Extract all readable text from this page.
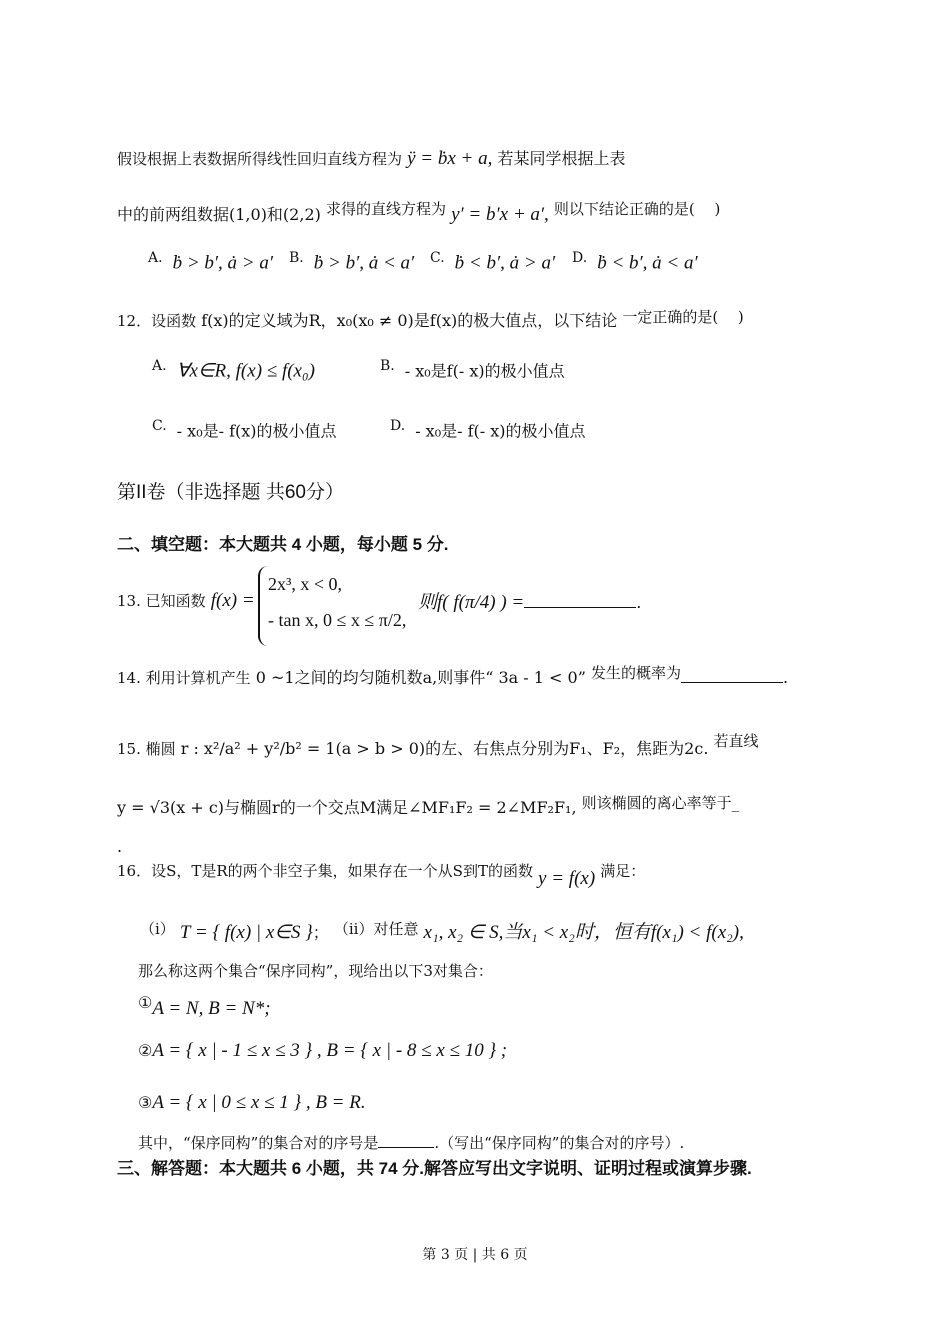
假设根据上表数据所得线性回归直线方程为 ÿ = ḃx + a, 若某同学根据上表
中的前两组数据(1,0)和(2,2) 求得的直线方程为 y′ = b′x + a′, 则以下结论正确的是(　 )
A. ḃ > b′, ȧ > a′ B. ḃ > b′, ȧ < a′ C. ḃ < b′, ȧ > a′ D. ḃ < b′, ȧ < a′
12．设函数 f(x)的定义域为R，x₀(x₀ ≠ 0)是f(x)的极大值点，以下结论 一定正确的是(　 )
A. ∀x∈R, f(x) ≤ f(x₀)	B. - x₀是f(- x)的极小值点
C. - x₀是- f(x)的极小值点	D. - x₀是- f(- x)的极小值点
第II卷（非选择题 共60分）
二、填空题：本大题共 4 小题，每小题 5 分.
13. 已知函数 f(x) =
2x³, x < 0,
- tan x, 0 ≤ x ≤ π/2,
则f( f(π/4) ) =	.
14. 利用计算机产生 0 ~1之间的均匀随机数a,则事件“ 3a - 1 < 0” 发生的概率为	.
15. 椭圆 r : x²/a² + y²/b² = 1(a > b > 0)的左、右焦点分别为F₁、F₂，焦距为2c. 若直线
y = √3(x + c)与椭圆r的一个交点M满足∠MF₁F₂ = 2∠MF₂F₁, 则该椭圆的离心率等于_
.
16．设S，T是R的两个非空子集，如果存在一个从S到T的函数 y = f(x) 满足：
（i） T = { f(x) | x∈S }； （ii）对任意 x₁, x₂ ∈ S,当x₁ < x₂时，恒有f(x₁) < f(x₂),
那么称这两个集合“保序同构”，现给出以下3对集合：
①A = N, B = N*;
②A = { x | - 1 ≤ x ≤ 3 } , B = { x | - 8 ≤ x ≤ 10 } ;
③A = { x | 0 ≤ x ≤ 1 } , B = R.
其中，“保序同构”的集合对的序号是	.（写出“保序同构”的集合对的序号）.
三、解答题：本大题共 6 小题，共 74 分.解答应写出文字说明、证明过程或演算步骤.
第 3 页 | 共 6 页
